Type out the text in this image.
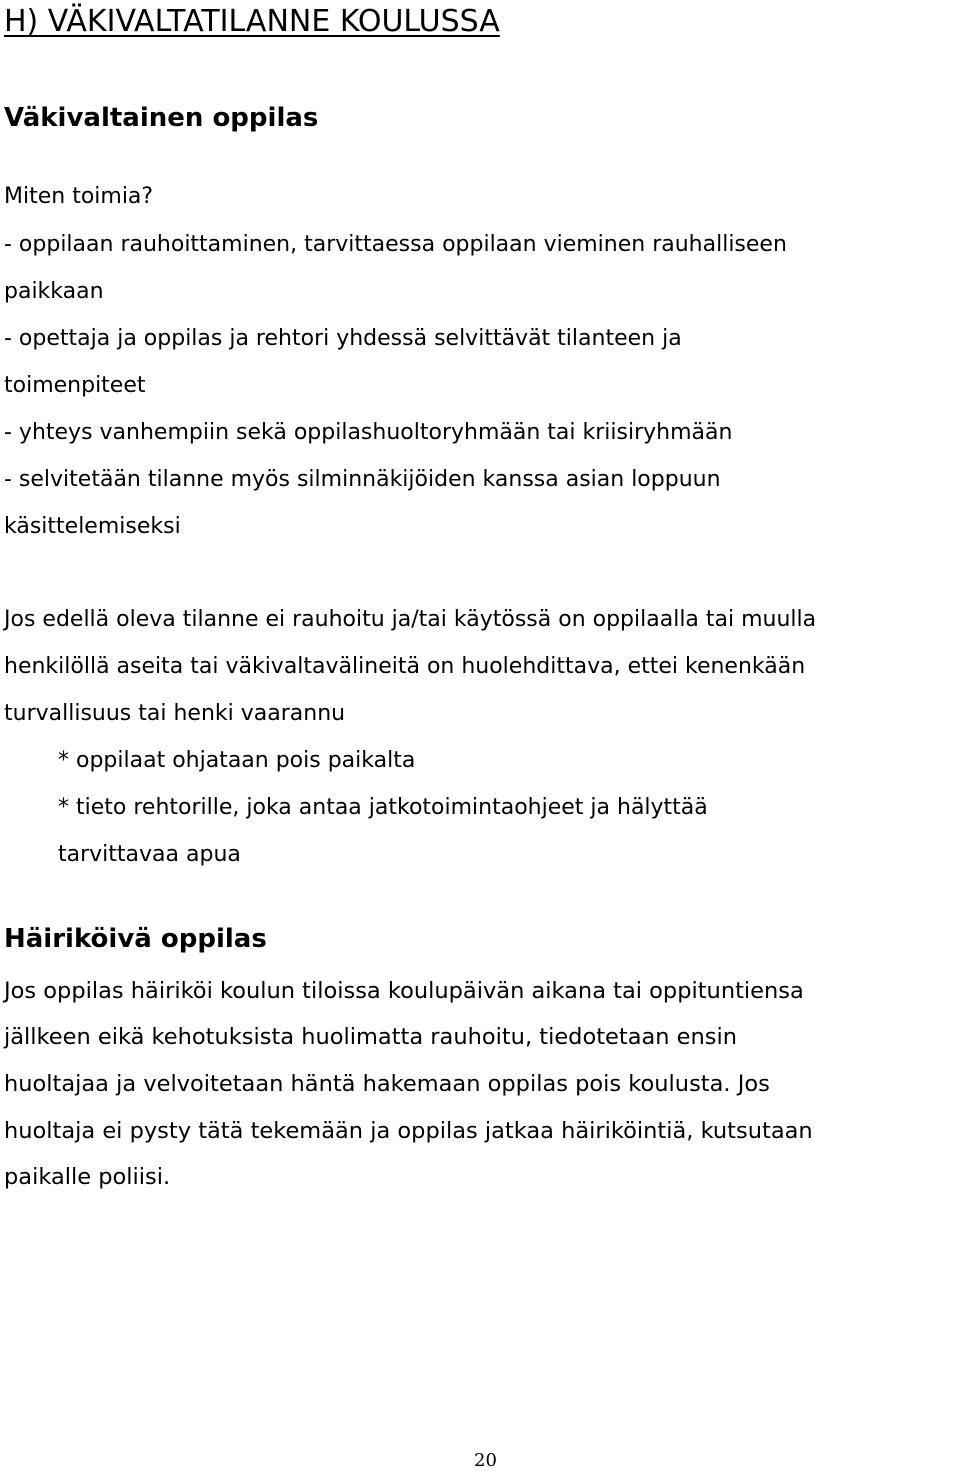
H) VÄKIVALTATILANNE KOULUSSA
Väkivaltainen oppilas

Miten toimia?

- oppilaan rauhoittaminen, tarvittaessa oppilaan vieminen rauhalliseen

paikkaan

- opettaja ja oppilas ja rehtori yhdessä selvittävät tilanteen ja

toimenpiteet

- yhteys vanhempiin sekä oppilashuoltoryhmään tai kriisiryhmään

- selvitetään tilanne myös silminnäkijöiden kanssa asian loppuun

käsittelemiseksi

Jos edellä oleva tilanne ei rauhoitu ja/tai käytössä on oppilaalla tai muulla

henkilöllä aseita tai väkivaltavälineitä on huolehdittava, ettei kenenkään

turvallisuus tai henki vaarannu

* oppilaat ohjataan pois paikalta

* tieto rehtorille, joka antaa jatkotoimintaohjeet ja hälyttää

tarvittavaa apua

Häiriköivä oppilas

Jos oppilas häiriköi koulun tiloissa koulupäivän aikana tai oppituntiensa

jällkeen eikä kehotuksista huolimatta rauhoitu, tiedotetaan ensin

huoltajaa ja velvoitetaan häntä hakemaan oppilas pois koulusta. Jos

huoltaja ei pysty tätä tekemään ja oppilas jatkaa häiriköintiä, kutsutaan

paikalle poliisi.

20
